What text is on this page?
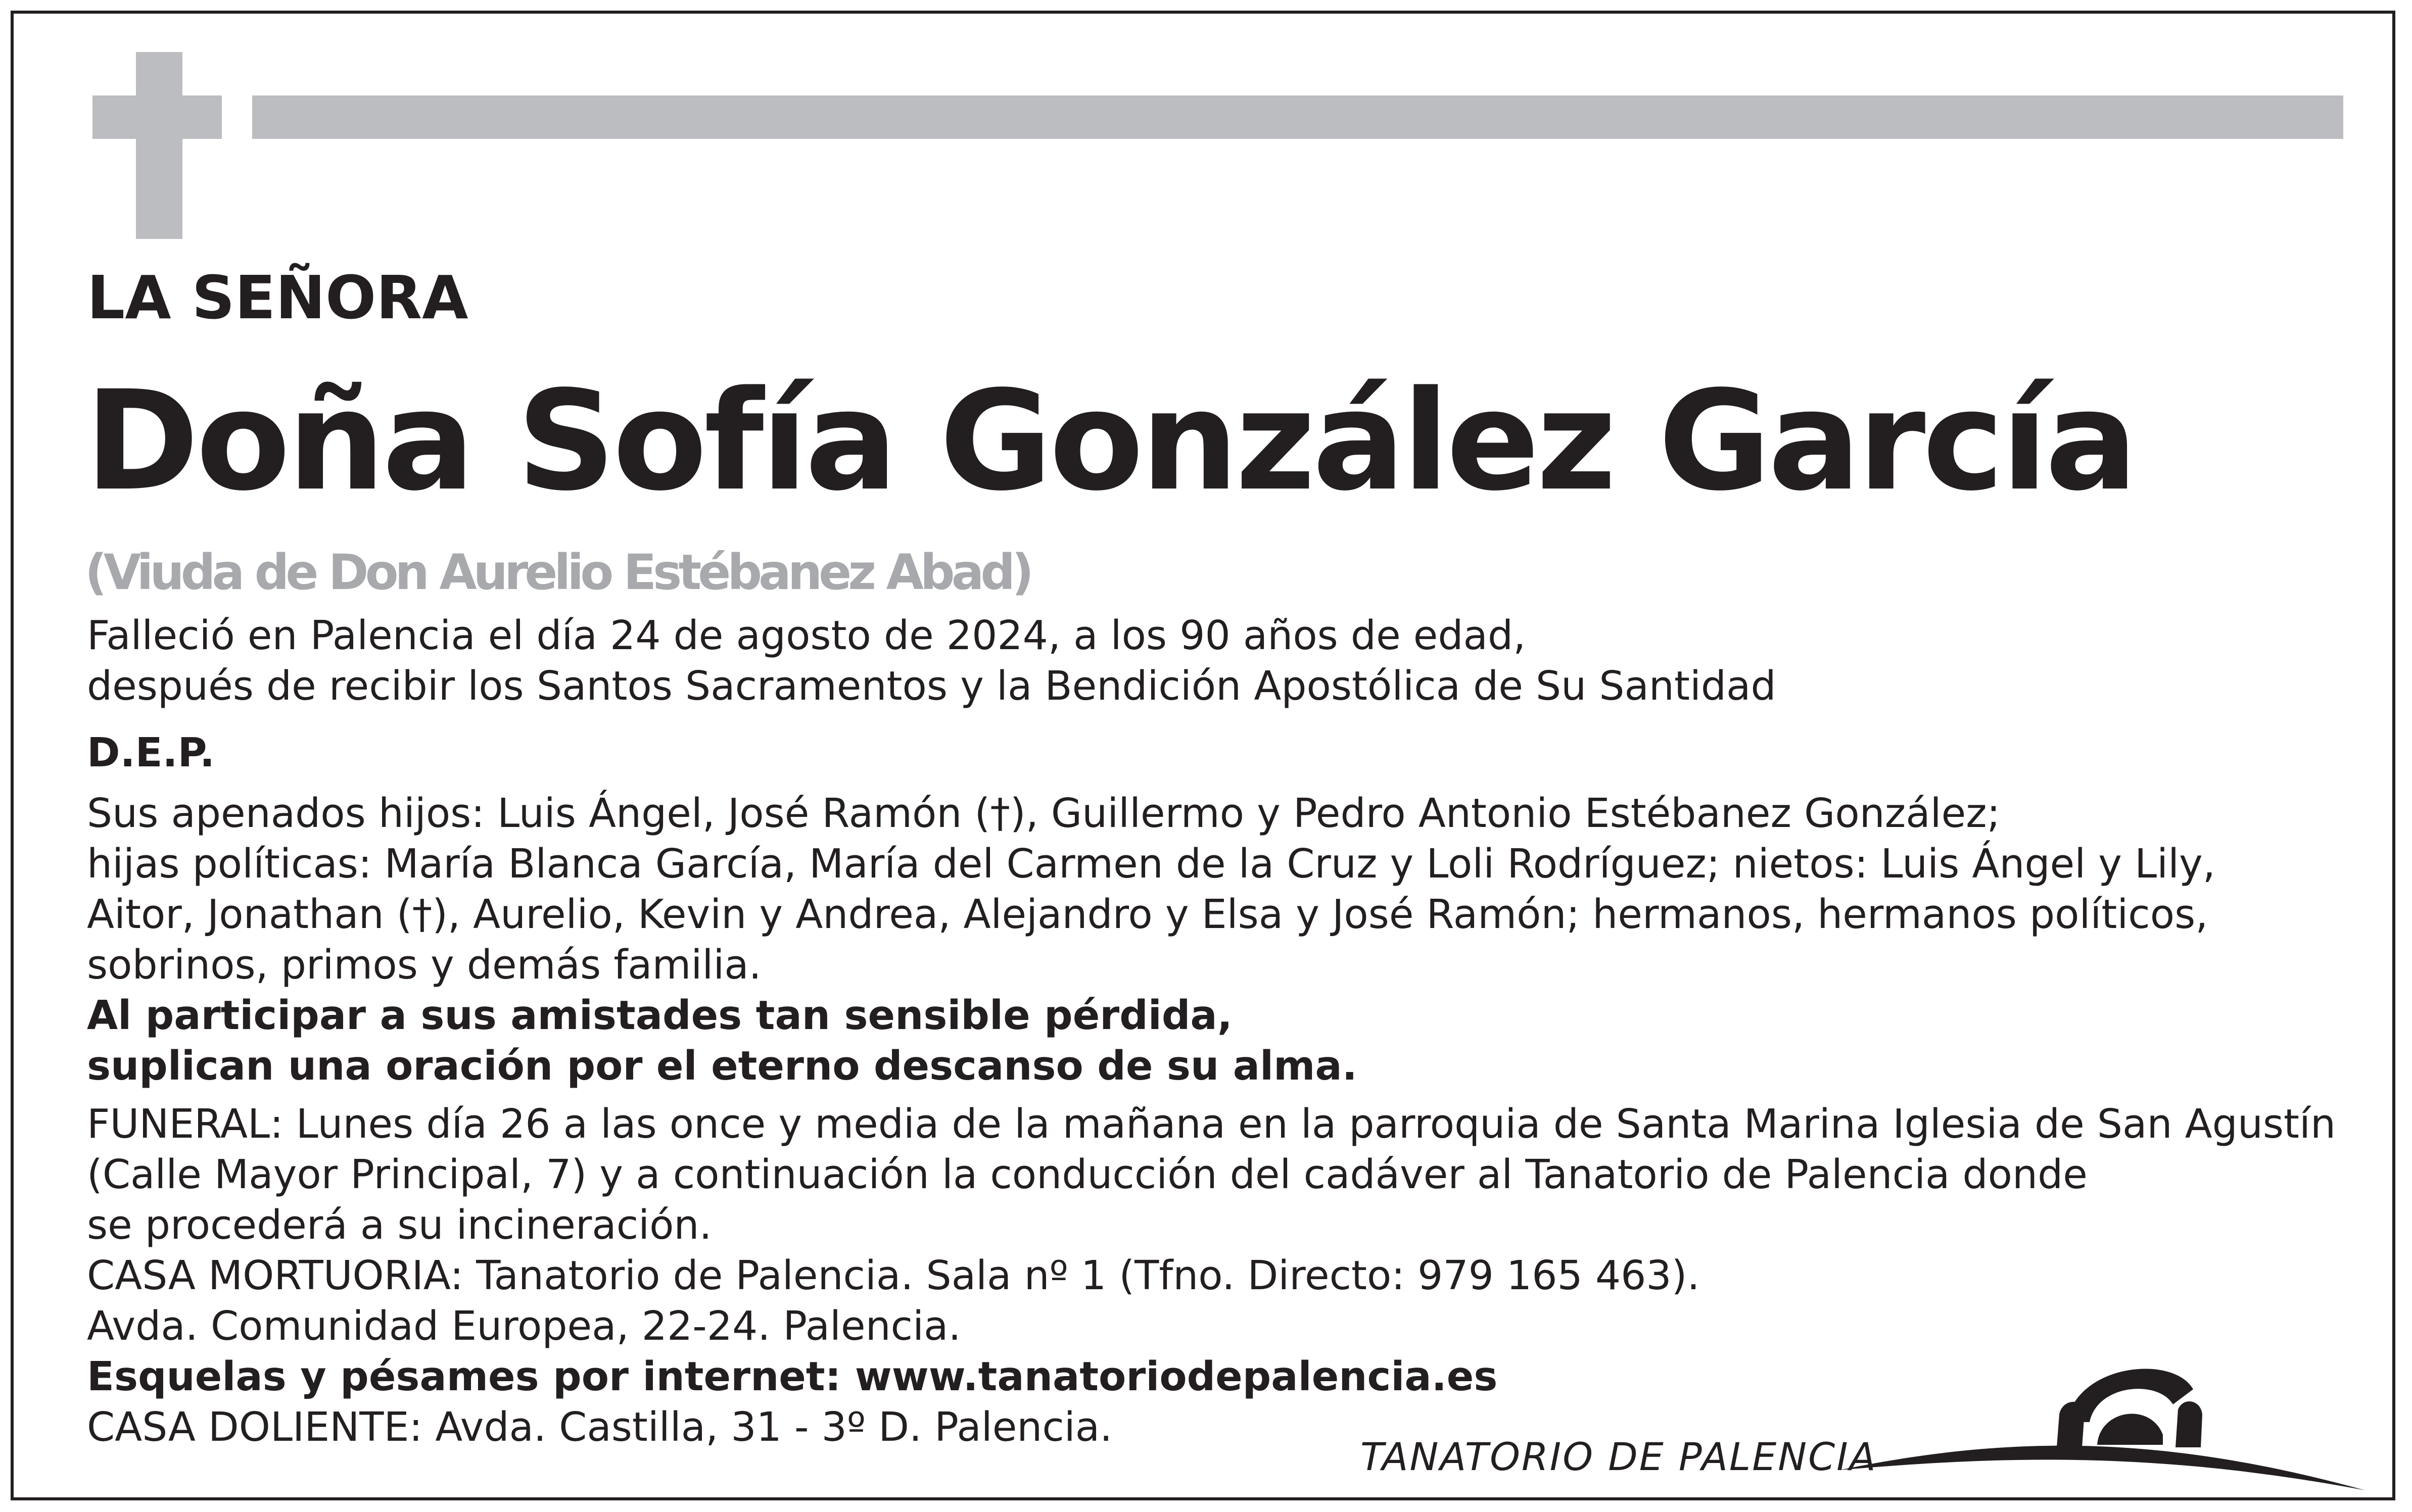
LA SEÑORA
Doña Sofía González García
(Viuda de Don Aurelio Estébanez Abad)
Falleció en Palencia el día 24 de agosto de 2024, a los 90 años de edad,
después de recibir los Santos Sacramentos y la Bendición Apostólica de Su Santidad
D.E.P.
Sus apenados hijos: Luis Ángel, José Ramón (†), Guillermo y Pedro Antonio Estébanez González;
hijas políticas: María Blanca García, María del Carmen de la Cruz y Loli Rodríguez; nietos: Luis Ángel y Lily,
Aitor, Jonathan (†), Aurelio, Kevin y Andrea, Alejandro y Elsa y José Ramón; hermanos, hermanos políticos,
sobrinos, primos y demás familia.
Al participar a sus amistades tan sensible pérdida,
suplican una oración por el eterno descanso de su alma.
FUNERAL: Lunes día 26 a las once y media de la mañana en la parroquia de Santa Marina Iglesia de San Agustín
(Calle Mayor Principal, 7) y a continuación la conducción del cadáver al Tanatorio de Palencia donde
se procederá a su incineración.
CASA MORTUORIA: Tanatorio de Palencia. Sala nº 1 (Tfno. Directo: 979 165 463).
Avda. Comunidad Europea, 22-24. Palencia.
Esquelas y pésames por internet: www.tanatoriodepalencia.es
CASA DOLIENTE: Avda. Castilla, 31 - 3º D. Palencia.
TANATORIO DE PALENCIA
